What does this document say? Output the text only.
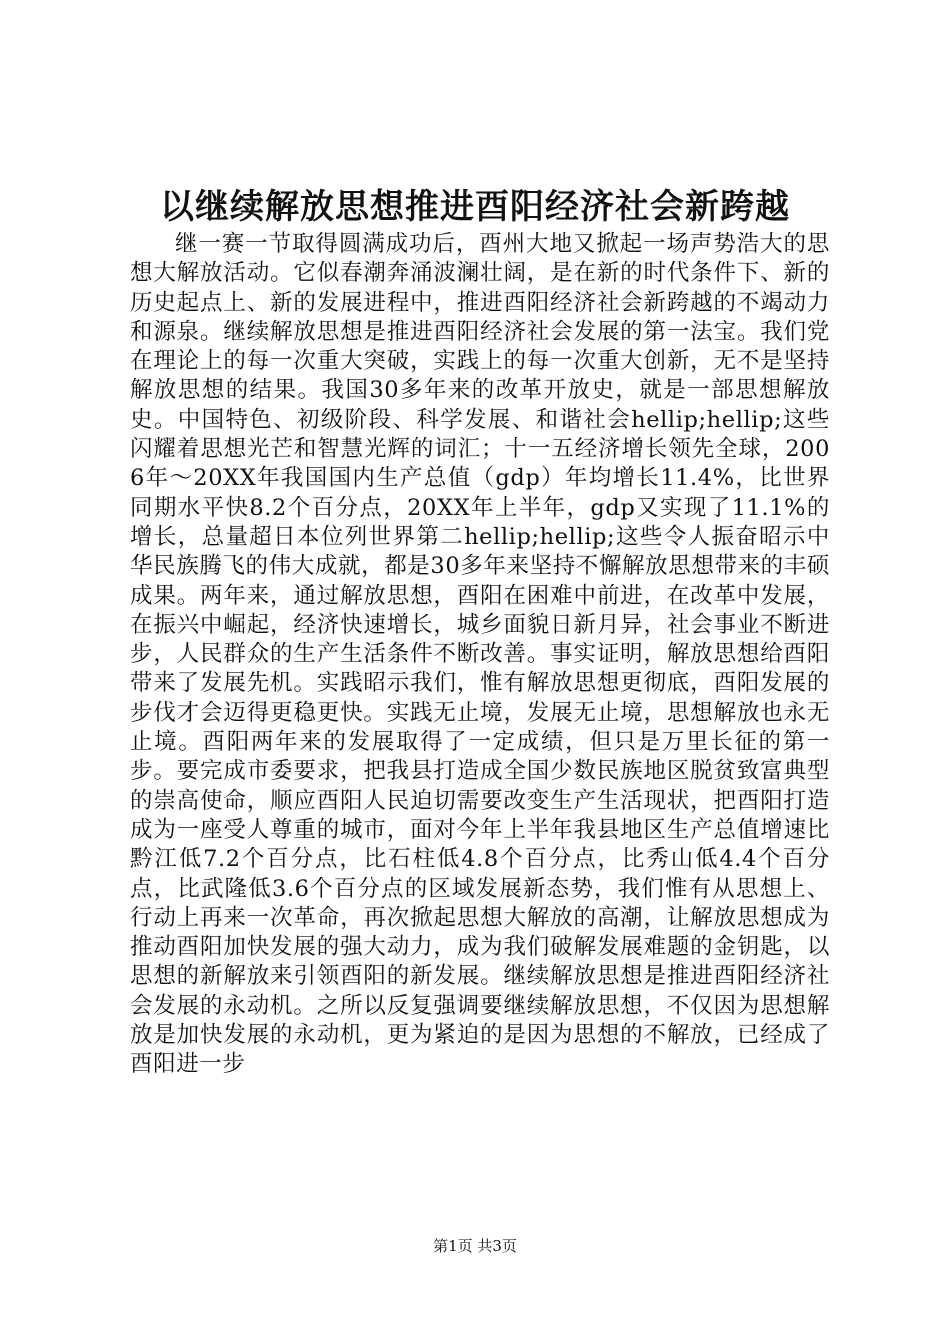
以继续解放思想推进酉阳经济社会新跨越

继一赛一节取得圆满成功后，酉州大地又掀起一场声势浩大的思想大解放活动。它似春潮奔涌波澜壮阔，是在新的时代条件下、新的历史起点上、新的发展进程中，推进酉阳经济社会新跨越的不竭动力和源泉。继续解放思想是推进酉阳经济社会发展的第一法宝。我们党在理论上的每一次重大突破，实践上的每一次重大创新，无不是坚持解放思想的结果。我国30多年来的改革开放史，就是一部思想解放史。中国特色、初级阶段、科学发展、和谐社会hellip;hellip;这些闪耀着思想光芒和智慧光辉的词汇；十一五经济增长领先全球，2006年～20XX年我国国内生产总值（gdp）年均增长11.4%，比世界同期水平快8.2个百分点，20XX年上半年，gdp又实现了11.1%的增长，总量超日本位列世界第二hellip;hellip;这些令人振奋昭示中华民族腾飞的伟大成就，都是30多年来坚持不懈解放思想带来的丰硕成果。两年来，通过解放思想，酉阳在困难中前进，在改革中发展，在振兴中崛起，经济快速增长，城乡面貌日新月异，社会事业不断进步，人民群众的生产生活条件不断改善。事实证明，解放思想给酉阳带来了发展先机。实践昭示我们，惟有解放思想更彻底，酉阳发展的步伐才会迈得更稳更快。实践无止境，发展无止境，思想解放也永无止境。酉阳两年来的发展取得了一定成绩，但只是万里长征的第一步。要完成市委要求，把我县打造成全国少数民族地区脱贫致富典型的崇高使命，顺应酉阳人民迫切需要改变生产生活现状，把酉阳打造成为一座受人尊重的城市，面对今年上半年我县地区生产总值增速比黔江低7.2个百分点，比石柱低4.8个百分点，比秀山低4.4个百分点，比武隆低3.6个百分点的区域发展新态势，我们惟有从思想上、行动上再来一次革命，再次掀起思想大解放的高潮，让解放思想成为推动酉阳加快发展的强大动力，成为我们破解发展难题的金钥匙，以思想的新解放来引领酉阳的新发展。继续解放思想是推进酉阳经济社会发展的永动机。之所以反复强调要继续解放思想，不仅因为思想解放是加快发展的永动机，更为紧迫的是因为思想的不解放，已经成了酉阳进一步

第1页 共3页
